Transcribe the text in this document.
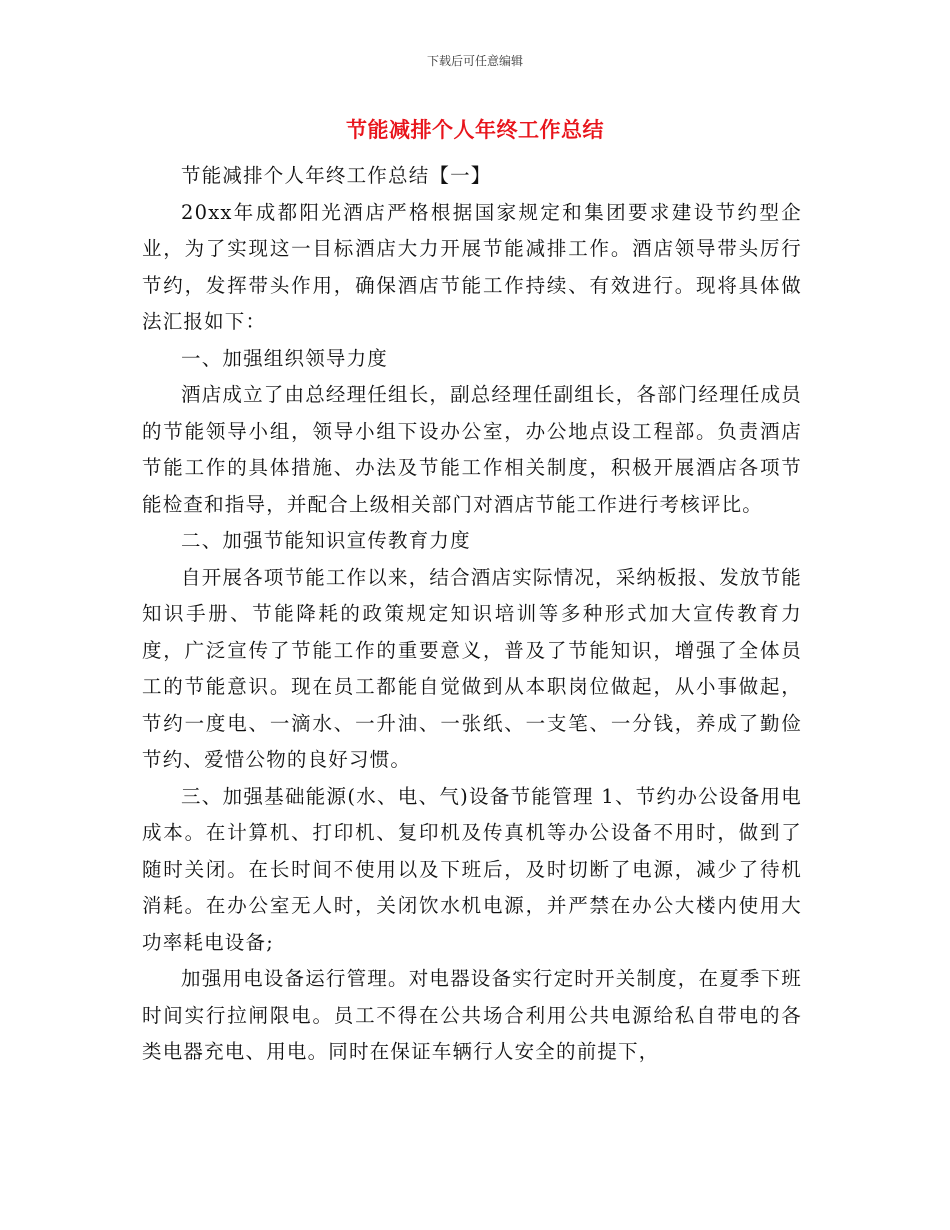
下载后可任意编辑
节能减排个人年终工作总结

节能减排个人年终工作总结【一】

20xx年成都阳光酒店严格根据国家规定和集团要求建设节约型企业，为了实现这一目标酒店大力开展节能减排工作。酒店领导带头厉行节约，发挥带头作用，确保酒店节能工作持续、有效进行。现将具体做法汇报如下：

一、加强组织领导力度

酒店成立了由总经理任组长，副总经理任副组长，各部门经理任成员的节能领导小组，领导小组下设办公室，办公地点设工程部。负责酒店节能工作的具体措施、办法及节能工作相关制度，积极开展酒店各项节能检查和指导，并配合上级相关部门对酒店节能工作进行考核评比。

二、加强节能知识宣传教育力度

自开展各项节能工作以来，结合酒店实际情况，采纳板报、发放节能知识手册、节能降耗的政策规定知识培训等多种形式加大宣传教育力度，广泛宣传了节能工作的重要意义，普及了节能知识，增强了全体员工的节能意识。现在员工都能自觉做到从本职岗位做起，从小事做起，节约一度电、一滴水、一升油、一张纸、一支笔、一分钱，养成了勤俭节约、爱惜公物的良好习惯。

三、加强基础能源(水、电、气)设备节能管理 1、节约办公设备用电成本。在计算机、打印机、复印机及传真机等办公设备不用时，做到了随时关闭。在长时间不使用以及下班后，及时切断了电源，减少了待机消耗。在办公室无人时，关闭饮水机电源，并严禁在办公大楼内使用大功率耗电设备;

加强用电设备运行管理。对电器设备实行定时开关制度，在夏季下班时间实行拉闸限电。员工不得在公共场合利用公共电源给私自带电的各类电器充电、用电。同时在保证车辆行人安全的前提下，
